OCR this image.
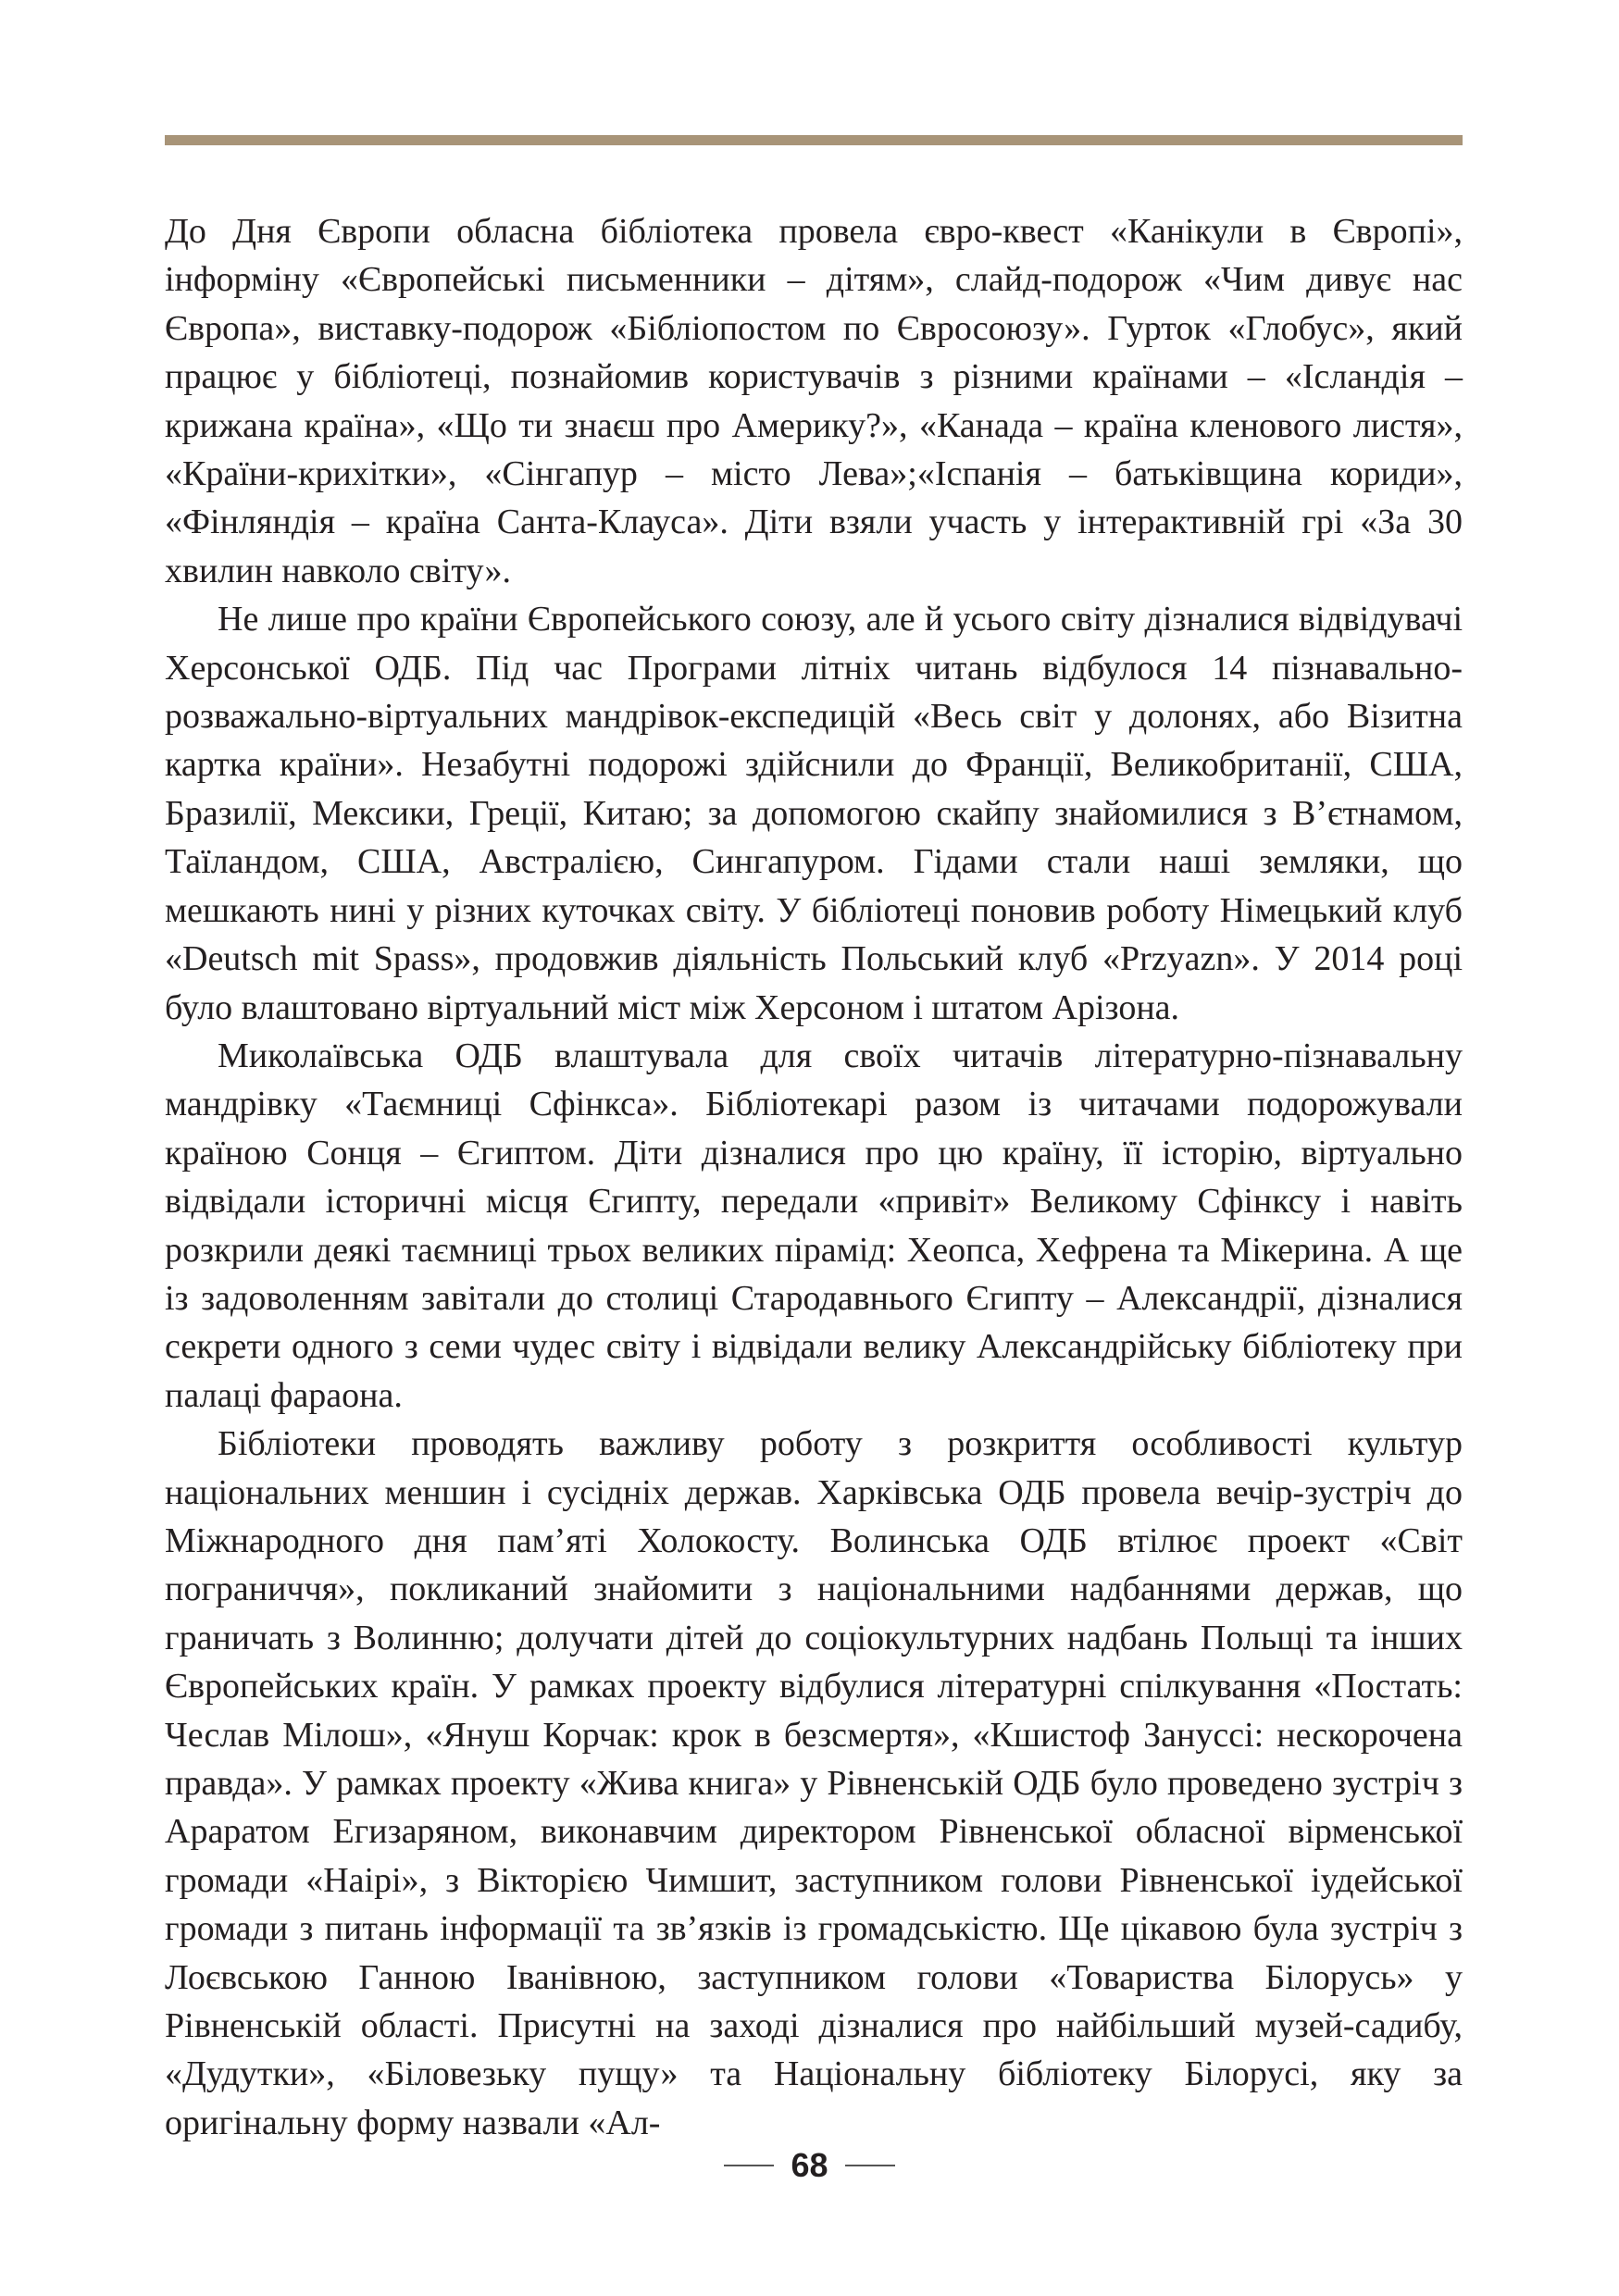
До Дня Європи обласна бібліотека провела євро-квест «Канікули в Європі», інформіну «Європейські письменники – дітям», слайд-подорож «Чим дивує нас Європа», виставку-подорож «Бібліопостом по Євросоюзу». Гурток «Глобус», який працює у бібліотеці, познайомив користувачів з різними країнами – «Ісландія – крижана країна», «Що ти знаєш про Америку?», «Канада – країна кленового листя», «Країни-крихітки», «Сінгапур – місто Лева»;«Іспанія – батьківщина кориди», «Фінляндія – країна Санта-Клауса». Діти взяли участь у інтерактивній грі «За 30 хвилин навколо світу».

Не лише про країни Європейського союзу, але й усього світу дізналися відвідувачі Херсонської ОДБ. Під час Програми літніх читань відбулося 14 пізнавально-розважально-віртуальних мандрівок-експедицій «Весь світ у долонях, або Візитна картка країни». Незабутні подорожі здійснили до Франції, Великобританії, США, Бразилії, Мексики, Греції, Китаю; за допомогою скайпу знайомилися з В’єтнамом, Таїландом, США, Австралією, Сингапуром. Гідами стали наші земляки, що мешкають нині у різних куточках світу. У бібліотеці поновив роботу Німецький клуб «Deutsch mit Spass», продовжив діяльність Польський клуб «Przyazn». У 2014 році було влаштовано віртуальний міст між Херсоном і штатом Арізона.

Миколаївська ОДБ влаштувала для своїх читачів літературно-пізнавальну мандрівку «Таємниці Сфінкса». Бібліотекарі разом із читачами подорожували країною Сонця – Єгиптом. Діти дізналися про цю країну, її історію, віртуально відвідали історичні місця Єгипту, передали «привіт» Великому Сфінксу і навіть розкрили деякі таємниці трьох великих пірамід: Хеопса, Хефрена та Мікерина. А ще із задоволенням завітали до столиці Стародавнього Єгипту – Александрії, дізналися секрети одного з семи чудес світу і відвідали велику Александрійську бібліотеку при палаці фараона.

Бібліотеки проводять важливу роботу з розкриття особливості культур національних меншин і сусідніх держав. Харківська ОДБ провела вечір-зустріч до Міжнародного дня пам’яті Холокосту. Волинська ОДБ втілює проект «Світ пограниччя», покликаний знайомити з національними надбаннями держав, що граничать з Волинню; долучати дітей до соціокультурних надбань Польщі та інших Європейських країн. У рамках проекту відбулися літературні спілкування «Постать: Чеслав Мілош», «Януш Корчак: крок в безсмертя», «Кшистоф Зануссі: нескорочена правда». У рамках проекту «Жива книга» у Рівненській ОДБ було проведено зустріч з Араратом Егизаряном, виконавчим директором Рівненської обласної вірменської громади «Наірі», з Вікторією Чимшит, заступником голови Рівненської іудейської громади з питань інформації та зв’язків із громадськістю. Ще цікавою була зустріч з Лоєвською Ганною Іванівною, заступником голови «Товариства Білорусь» у Рівненській області. Присутні на заході дізналися про найбільший музей-садибу, «Дудутки», «Біловезьку пущу» та Національну бібліотеку Білорусі, яку за оригінальну форму назвали «Ал-

68
